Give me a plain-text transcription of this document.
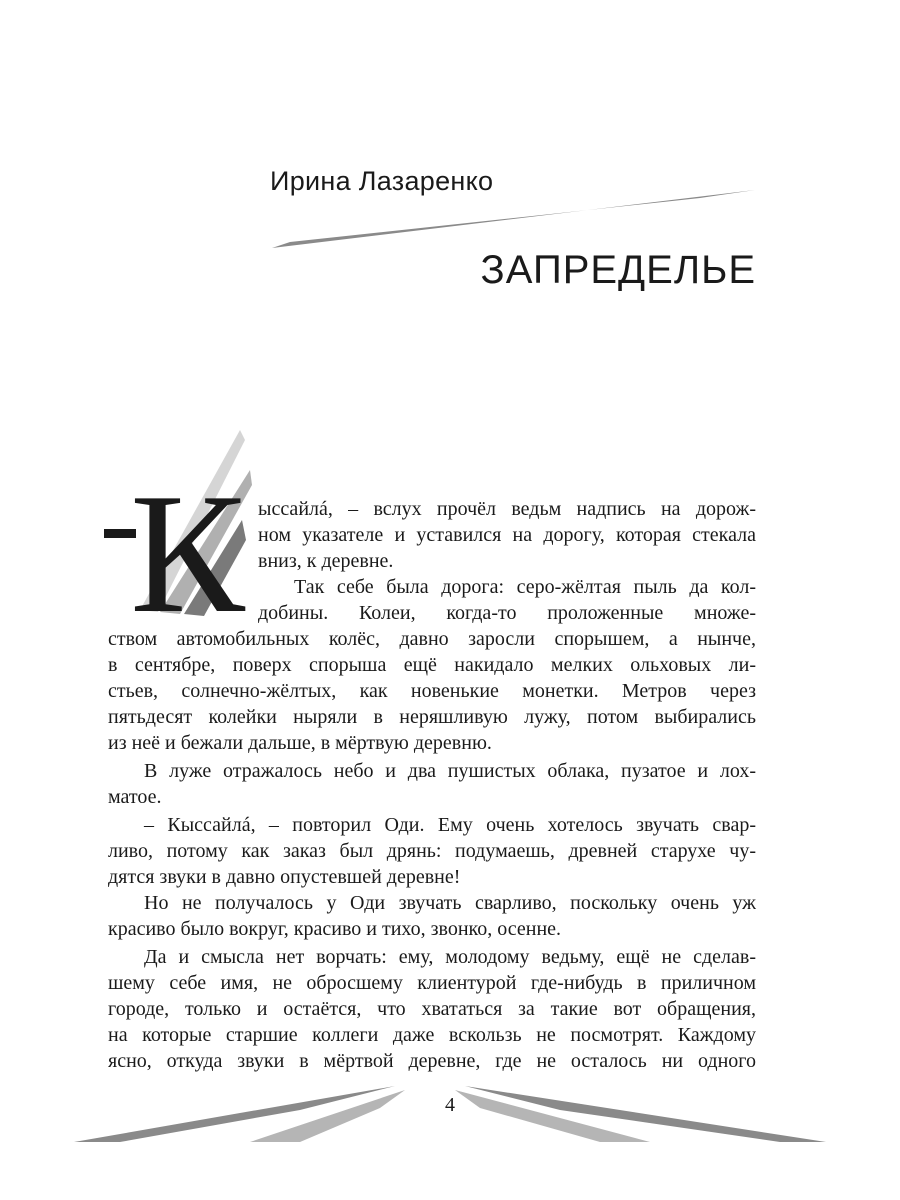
Ирина Лазаренко
ЗАПРЕДЕЛЬЕ
К ыссайлá, – вслух прочёл ведьм надпись на дорож-
ном указателе и уставился на дорогу, которая стекала
вниз, к деревне.
Так себе была дорога: серо-жёлтая пыль да кол-
добины. Колеи, когда-то проложенные множе-
ством автомобильных колёс, давно заросли спорышем, а нынче,
в сентябре, поверх спорыша ещё накидало мелких ольховых ли-
стьев, солнечно-жёлтых, как новенькие монетки. Метров через
пятьдесят колейки ныряли в неряшливую лужу, потом выбирались
из неё и бежали дальше, в мёртвую деревню.
В луже отражалось небо и два пушистых облака, пузатое и лох-
матое.
– Кыссайлá, – повторил Оди. Ему очень хотелось звучать свар-
ливо, потому как заказ был дрянь: подумаешь, древней старухе чу-
дятся звуки в давно опустевшей деревне!
Но не получалось у Оди звучать сварливо, поскольку очень уж
красиво было вокруг, красиво и тихо, звонко, осенне.
Да и смысла нет ворчать: ему, молодому ведьму, ещё не сделав-
шему себе имя, не обросшему клиентурой где-нибудь в приличном
городе, только и остаётся, что хвататься за такие вот обращения,
на которые старшие коллеги даже вскользь не посмотрят. Каждому
ясно, откуда звуки в мёртвой деревне, где не осталось ни одного
4
